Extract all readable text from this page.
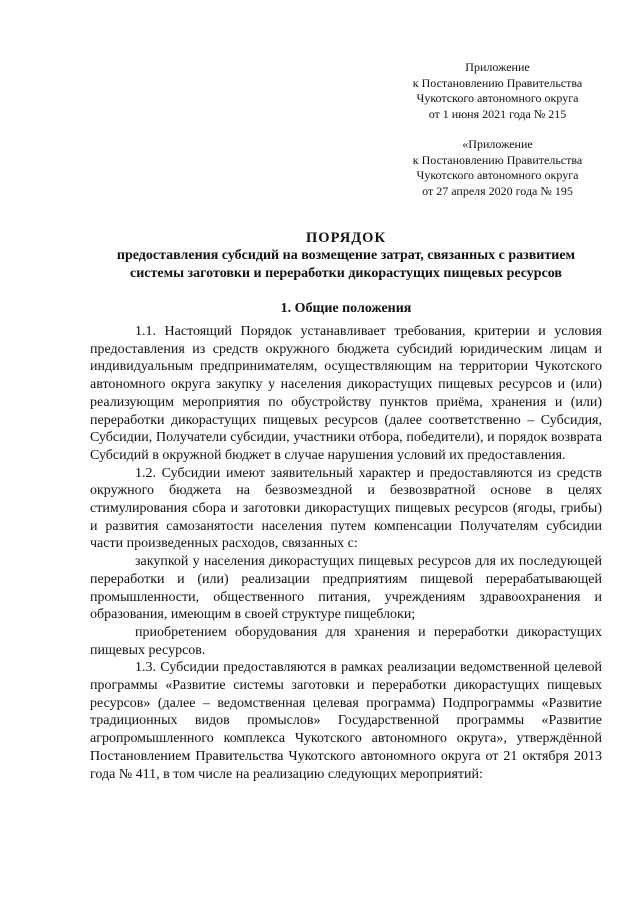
Приложение
к Постановлению Правительства
Чукотского автономного округа
от 1 июня 2021 года № 215
«Приложение
к Постановлению Правительства
Чукотского автономного округа
от 27 апреля 2020 года № 195
ПОРЯДОК
предоставления субсидий на возмещение затрат, связанных с развитием
системы заготовки и переработки дикорастущих пищевых ресурсов
1. Общие положения

1.1. Настоящий Порядок устанавливает требования, критерии и условия предоставления из средств окружного бюджета субсидий юридическим лицам и индивидуальным предпринимателям, осуществляющим на территории Чукотского автономного округа закупку у населения дикорастущих пищевых ресурсов и (или) реализующим мероприятия по обустройству пунктов приёма, хранения и (или) переработки дикорастущих пищевых ресурсов (далее соответственно – Субсидия, Субсидии, Получатели субсидии, участники отбора, победители), и порядок возврата Субсидий в окружной бюджет в случае нарушения условий их предоставления.

1.2. Субсидии имеют заявительный характер и предоставляются из средств окружного бюджета на безвозмездной и безвозвратной основе в целях стимулирования сбора и заготовки дикорастущих пищевых ресурсов (ягоды, грибы) и развития самозанятости населения путем компенсации Получателям субсидии части произведенных расходов, связанных с:

закупкой у населения дикорастущих пищевых ресурсов для их последующей переработки и (или) реализации предприятиям пищевой перерабатывающей промышленности, общественного питания, учреждениям здравоохранения и образования, имеющим в своей структуре пищеблоки;

приобретением оборудования для хранения и переработки дикорастущих пищевых ресурсов.

1.3. Субсидии предоставляются в рамках реализации ведомственной целевой программы «Развитие системы заготовки и переработки дикорастущих пищевых ресурсов» (далее – ведомственная целевая программа) Подпрограммы «Развитие традиционных видов промыслов» Государственной программы «Развитие агропромышленного комплекса Чукотского автономного округа», утверждённой Постановлением Правительства Чукотского автономного округа от 21 октября 2013 года № 411, в том числе на реализацию следующих мероприятий:
